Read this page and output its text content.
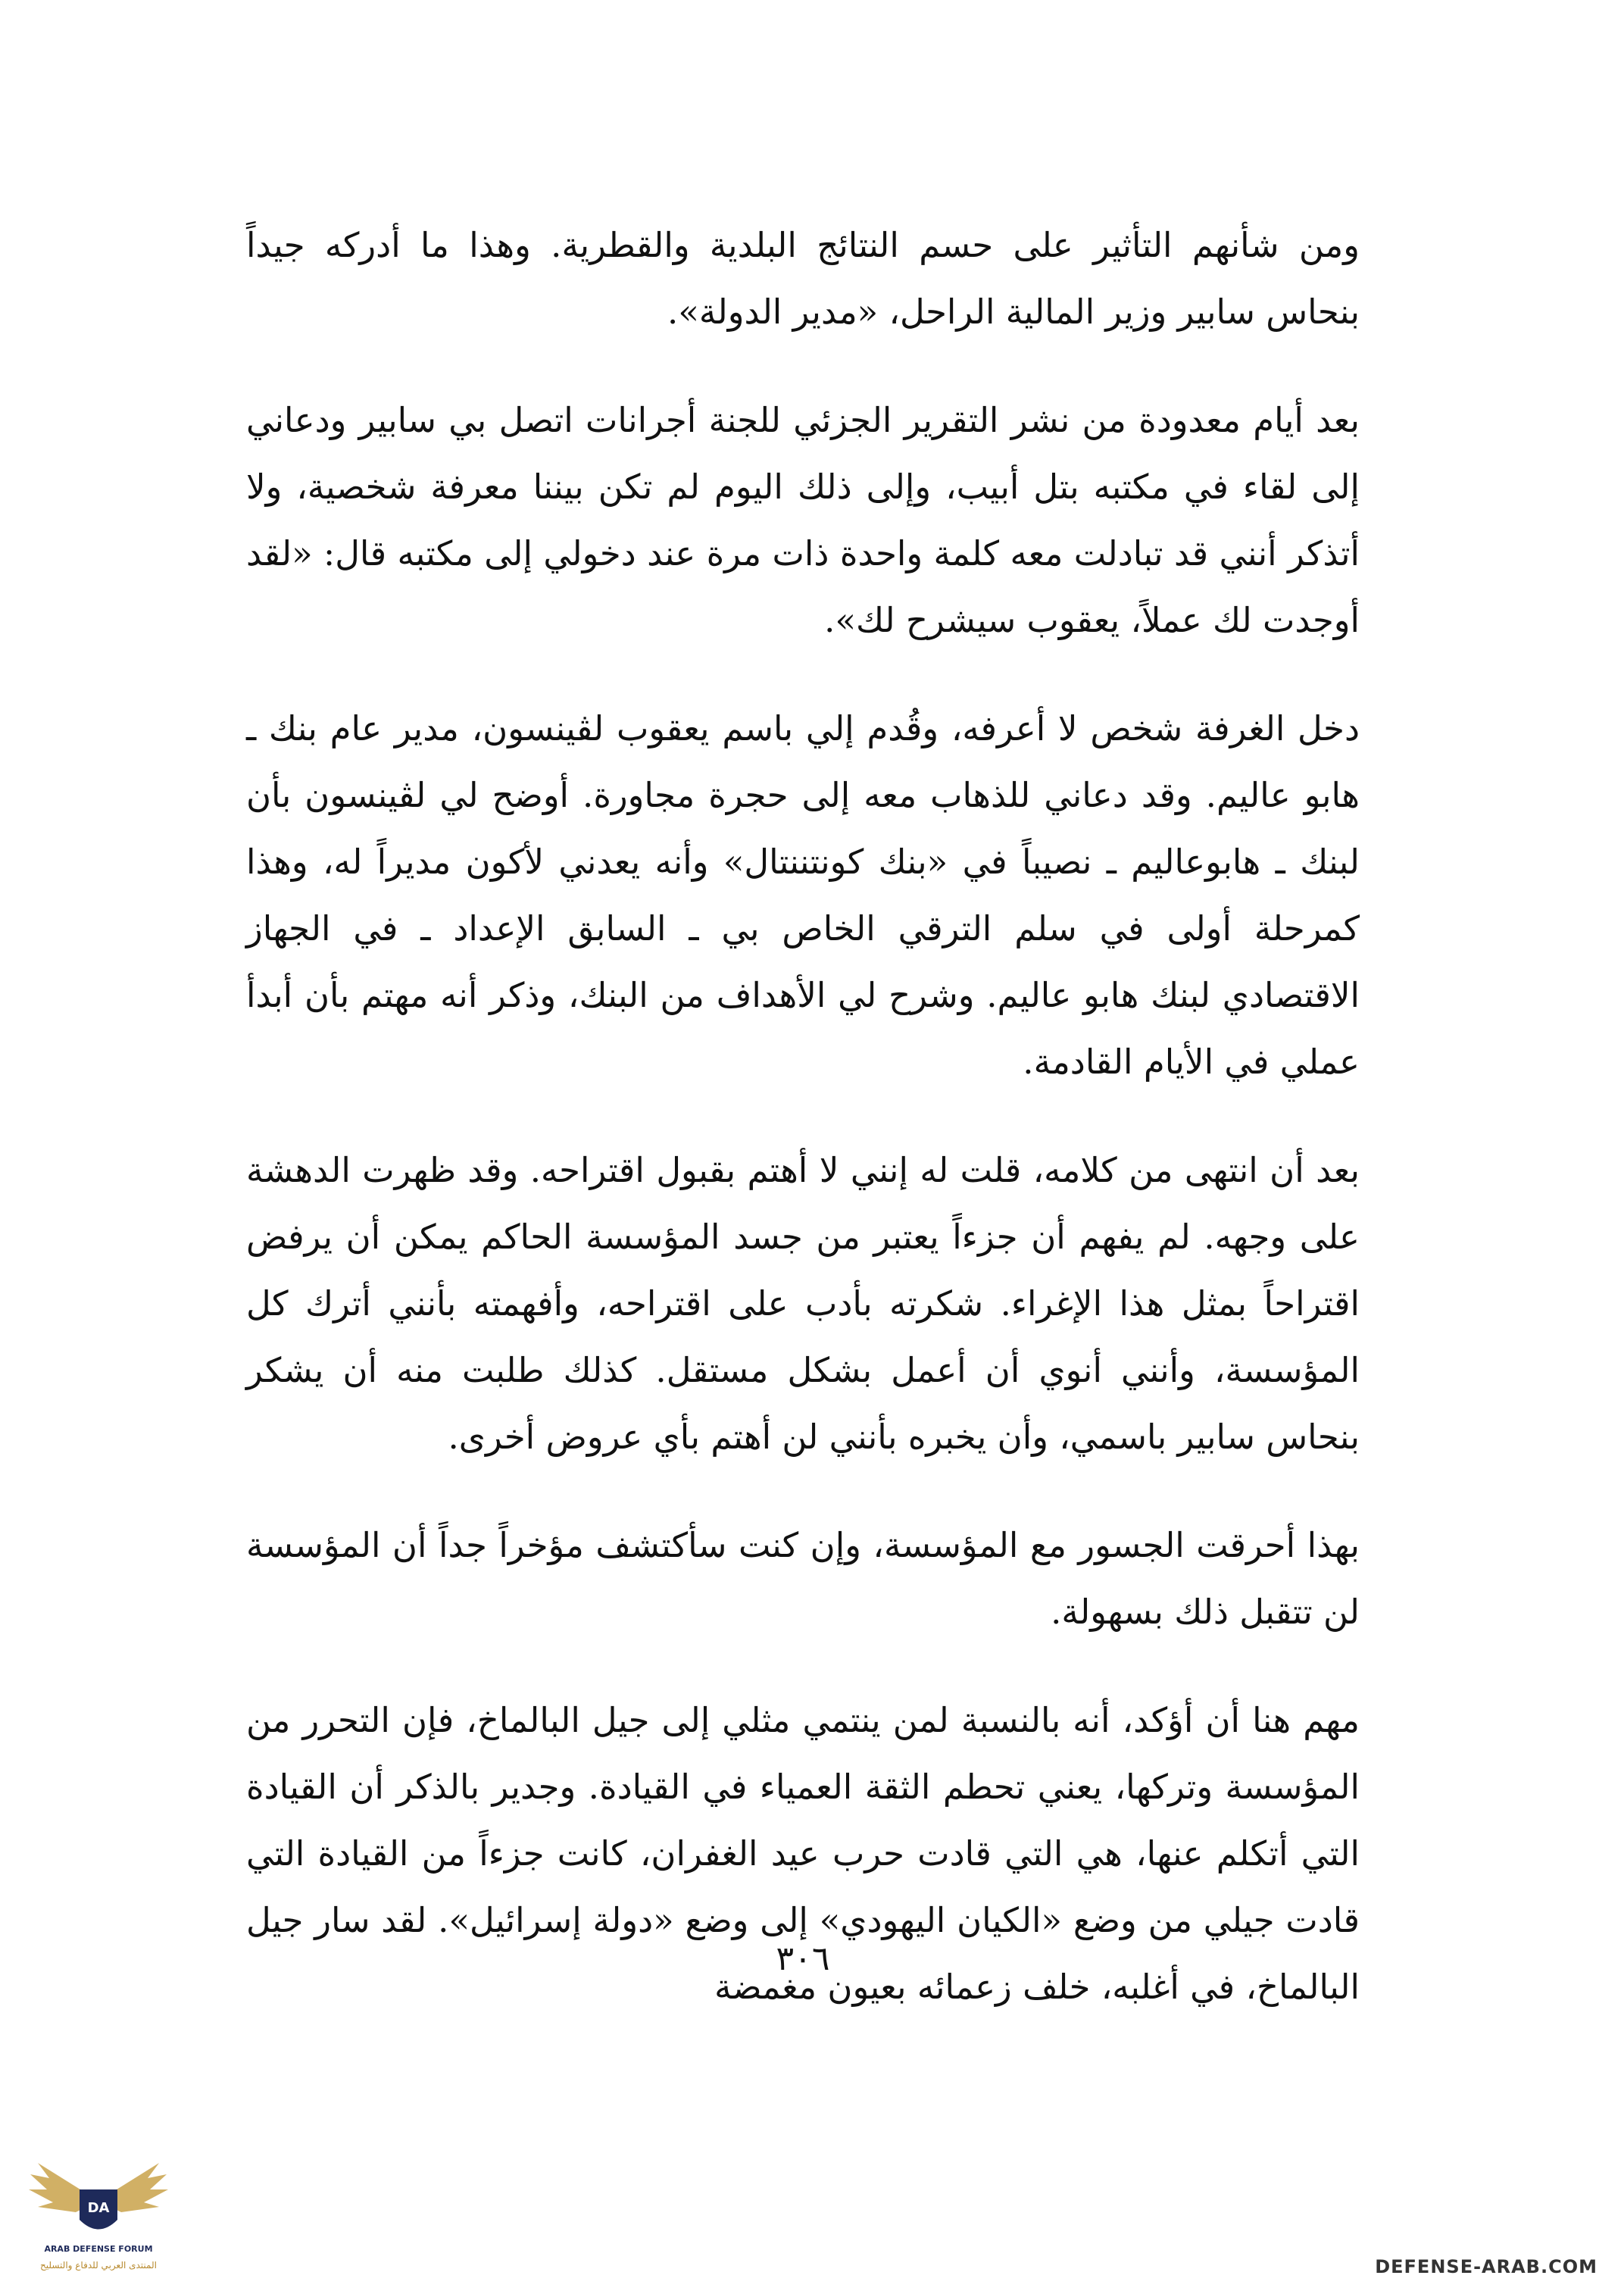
ومن شأنهم التأثير على حسم النتائج البلدية والقطرية. وهذا ما أدركه جيداً بنحاس سابير وزير المالية الراحل، «مدير الدولة».

بعد أيام معدودة من نشر التقرير الجزئي للجنة أجرانات اتصل بي سابير ودعاني إلى لقاء في مكتبه بتل أبيب، وإلى ذلك اليوم لم تكن بيننا معرفة شخصية، ولا أتذكر أنني قد تبادلت معه كلمة واحدة ذات مرة عند دخولي إلى مكتبه قال: «لقد أوجدت لك عملاً، يعقوب سيشرح لك».

دخل الغرفة شخص لا أعرفه، وقُدم إلي باسم يعقوب لڤينسون، مدير عام بنك ـ هابو عاليم. وقد دعاني للذهاب معه إلى حجرة مجاورة. أوضح لي لڤينسون بأن لبنك ـ هابوعاليم ـ نصيباً في «بنك كونتننتال» وأنه يعدني لأكون مديراً له، وهذا كمرحلة أولى في سلم الترقي الخاص بي ـ السابق الإعداد ـ في الجهاز الاقتصادي لبنك هابو عاليم. وشرح لي الأهداف من البنك، وذكر أنه مهتم بأن أبدأ عملي في الأيام القادمة.

بعد أن انتهى من كلامه، قلت له إنني لا أهتم بقبول اقتراحه. وقد ظهرت الدهشة على وجهه. لم يفهم أن جزءاً يعتبر من جسد المؤسسة الحاكم يمكن أن يرفض اقتراحاً بمثل هذا الإغراء. شكرته بأدب على اقتراحه، وأفهمته بأنني أترك كل المؤسسة، وأنني أنوي أن أعمل بشكل مستقل. كذلك طلبت منه أن يشكر بنحاس سابير باسمي، وأن يخبره بأنني لن أهتم بأي عروض أخرى.

بهذا أحرقت الجسور مع المؤسسة، وإن كنت سأكتشف مؤخراً جداً أن المؤسسة لن تتقبل ذلك بسهولة.

مهم هنا أن أؤكد، أنه بالنسبة لمن ينتمي مثلي إلى جيل البالماخ، فإن التحرر من المؤسسة وتركها، يعني تحطم الثقة العمياء في القيادة. وجدير بالذكر أن القيادة التي أتكلم عنها، هي التي قادت حرب عيد الغفران، كانت جزءاً من القيادة التي قادت جيلي من وضع «الكيان اليهودي» إلى وضع «دولة إسرائيل». لقد سار جيل البالماخ، في أغلبه، خلف زعمائه بعيون مغمضة

٣٠٦
DA
ARAB DEFENSE FORUM
المنتدى العربي للدفاع والتسليح	DEFENSE-ARAB.COM
